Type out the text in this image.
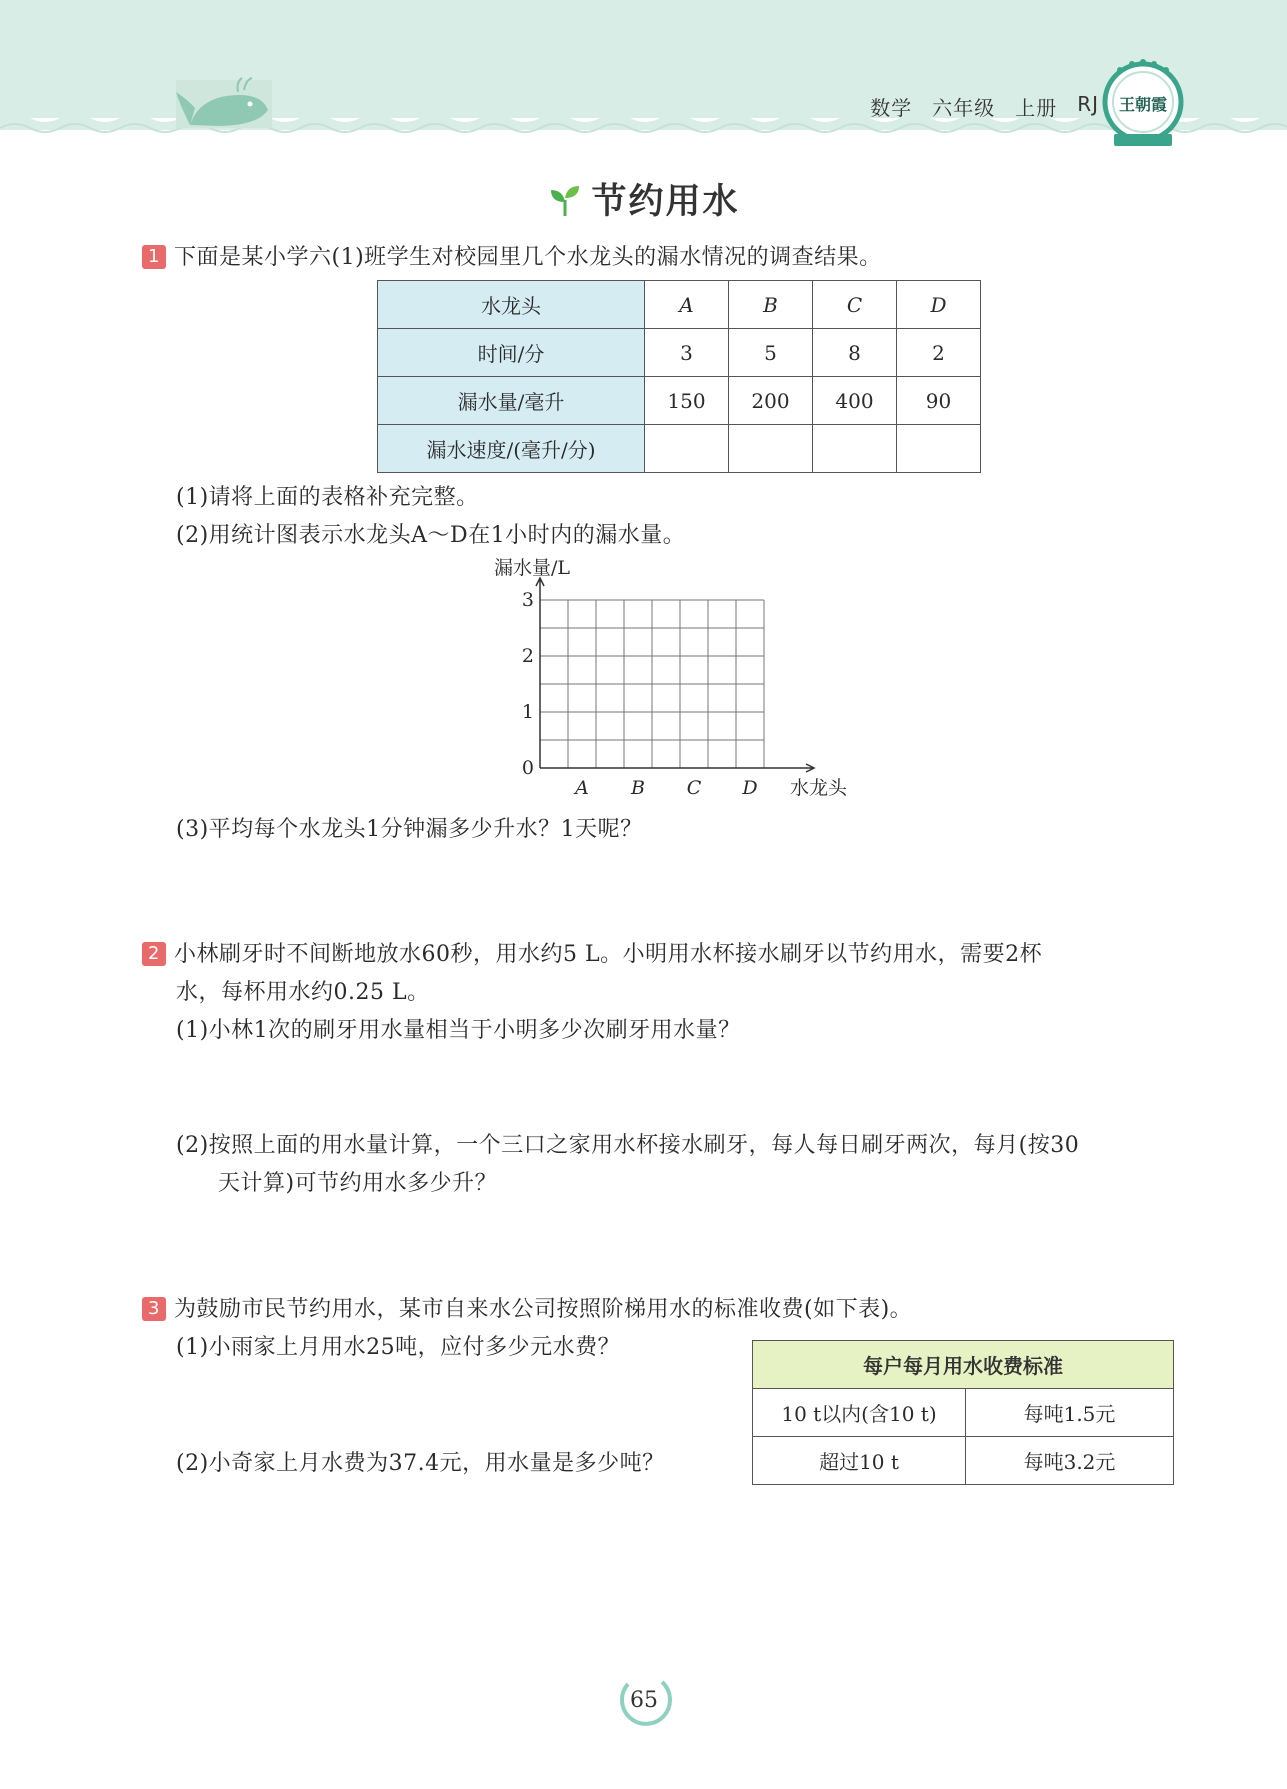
数学 六年级 上册 RJ 王朝霞
节约用水
1 下面是某小学六(1)班学生对校园里几个水龙头的漏水情况的调查结果。
水龙头	A	B	C	D
时间/分	3	5	8	2
漏水量/毫升	150	200	400	90
漏水速度/(毫升/分)				
(1)请将上面的表格补充完整。
(2)用统计图表示水龙头A～D在1小时内的漏水量。
漏水量/L
水龙头
0
1
2
3
A B C D
(3)平均每个水龙头1分钟漏多少升水？1天呢？
2 小林刷牙时不间断地放水60秒，用水约5 L。小明用水杯接水刷牙以节约用水，需要2杯
水，每杯用水约0.25 L。
(1)小林1次的刷牙用水量相当于小明多少次刷牙用水量？
(2)按照上面的用水量计算，一个三口之家用水杯接水刷牙，每人每日刷牙两次，每月(按30
天计算)可节约用水多少升？
3 为鼓励市民节约用水，某市自来水公司按照阶梯用水的标准收费(如下表)。
(1)小雨家上月用水25吨，应付多少元水费？
(2)小奇家上月水费为37.4元，用水量是多少吨？
每户每月用水收费标准	
10 t以内(含10 t)	每吨1.5元
超过10 t	每吨3.2元
65
